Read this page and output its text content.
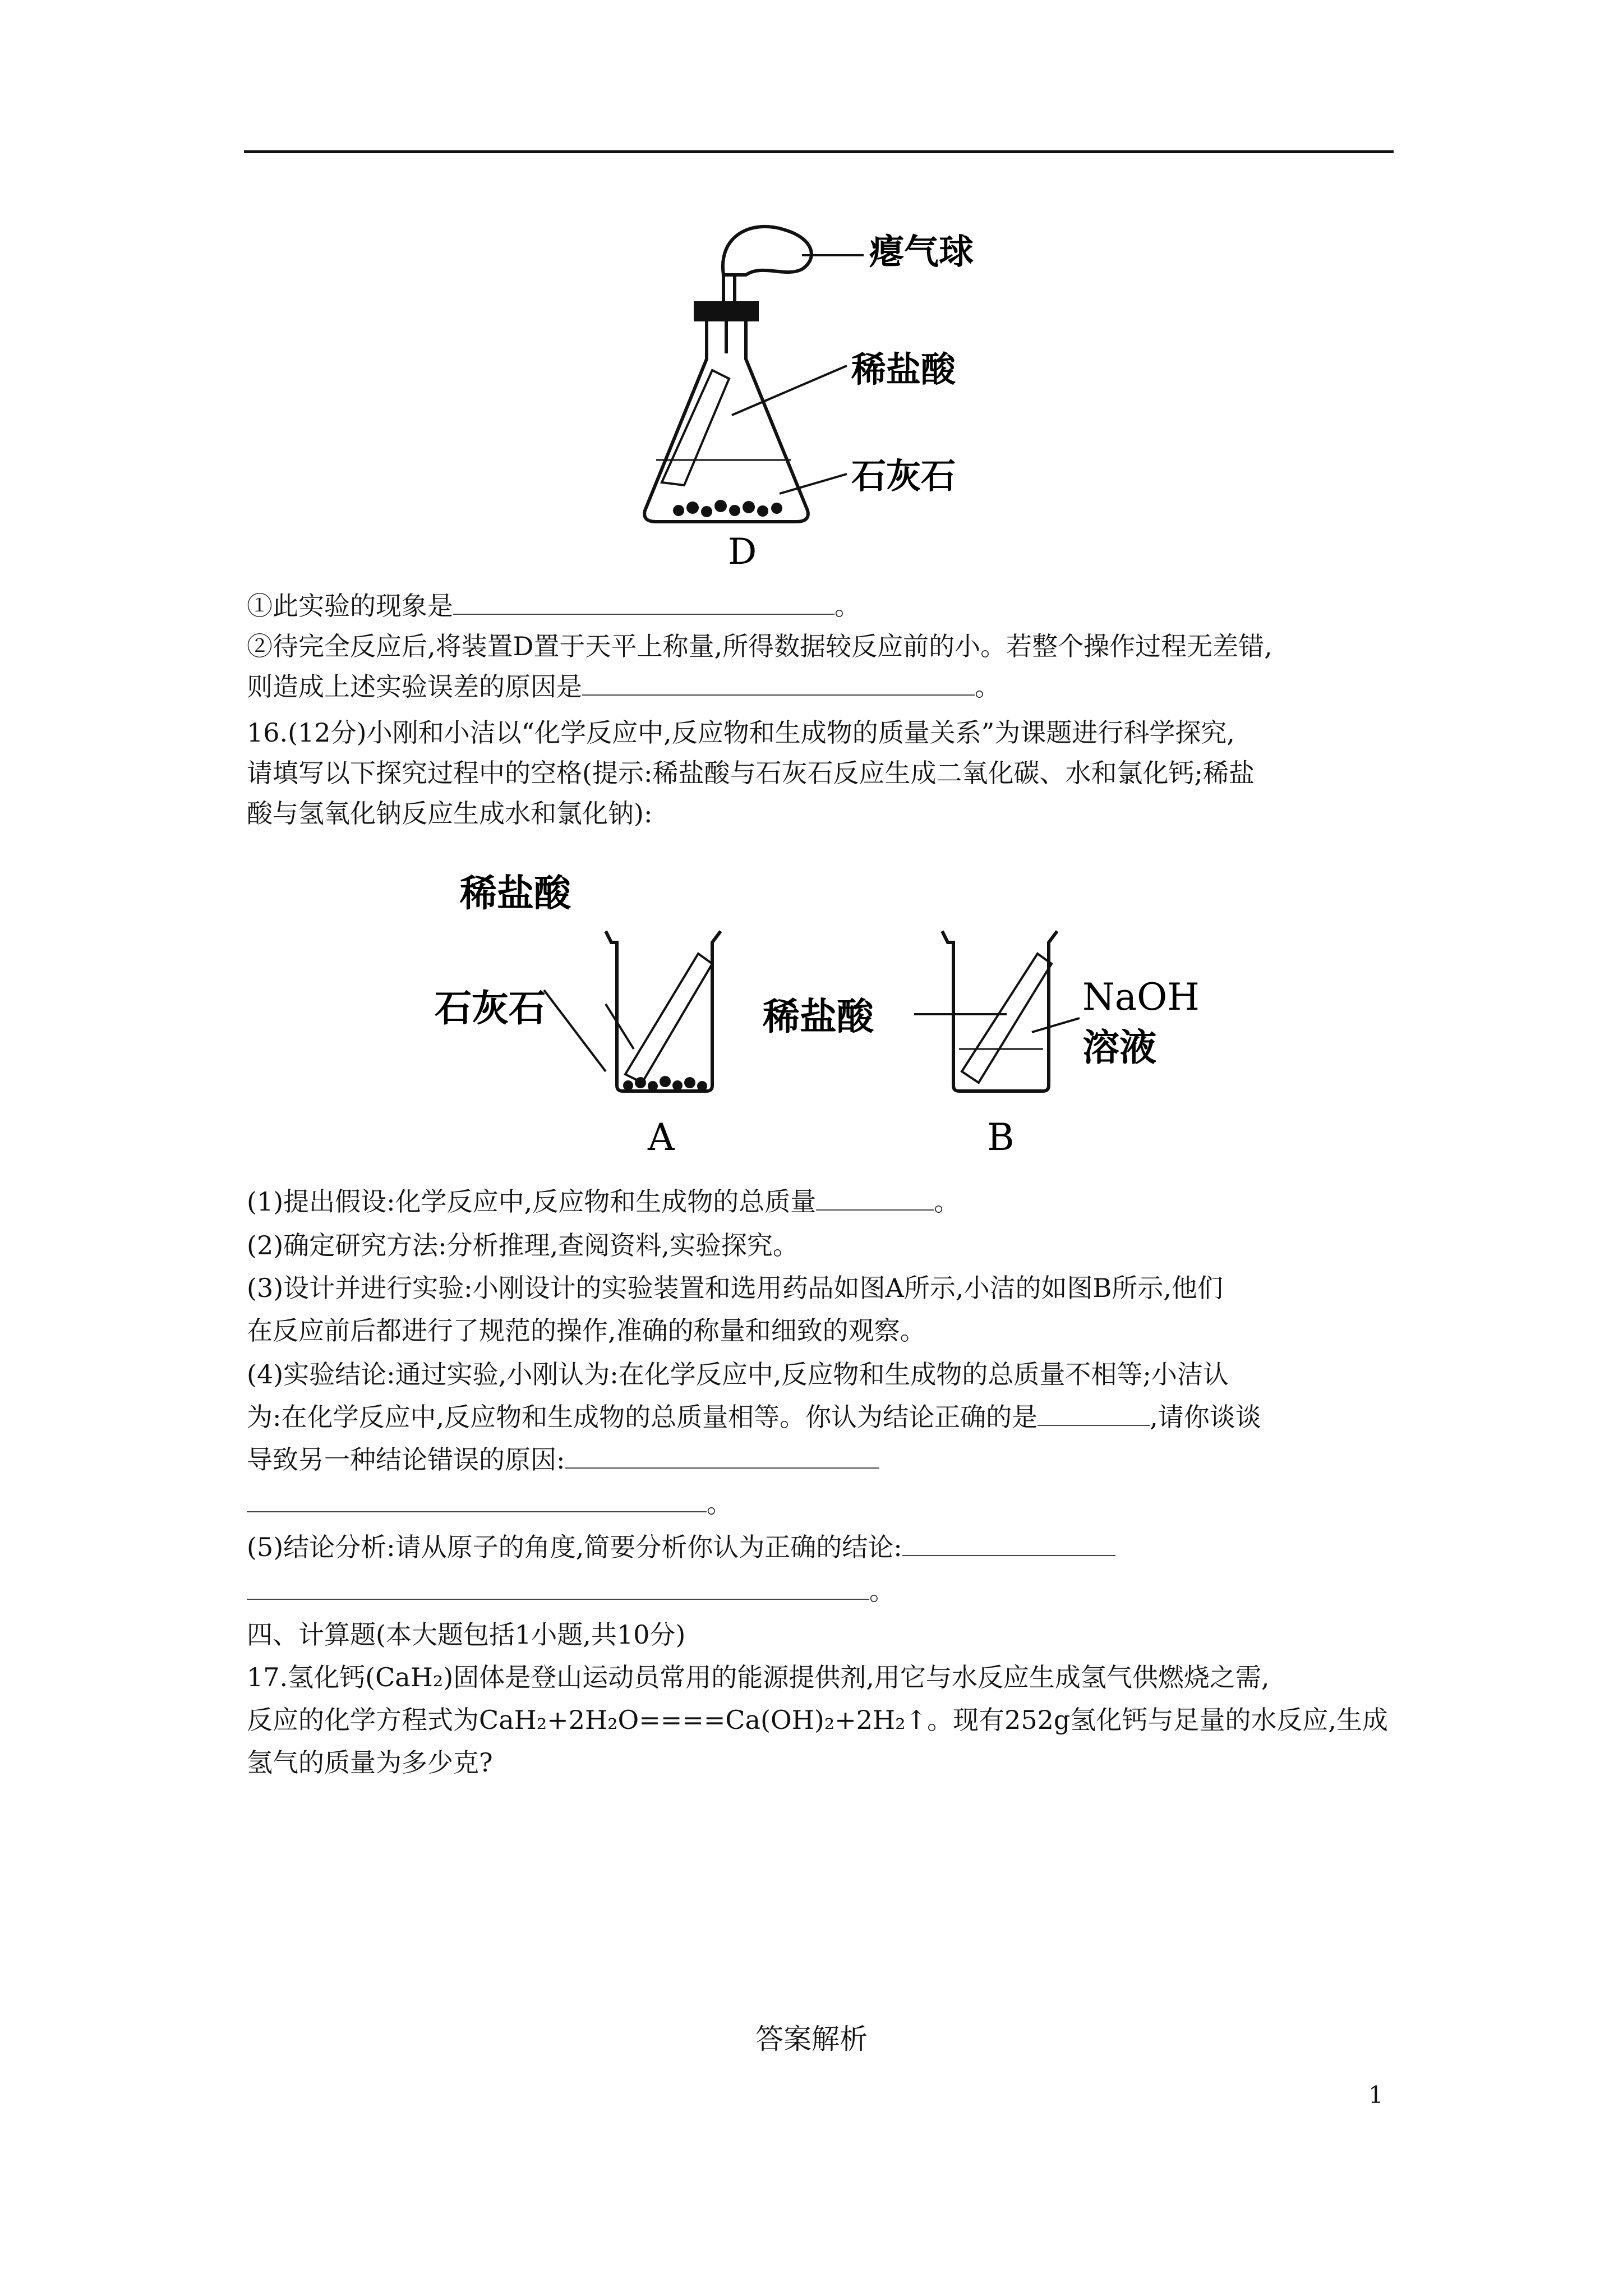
瘪气球
稀盐酸
石灰石
D
①此实验的现象是	。
②待完全反应后,将装置D置于天平上称量,所得数据较反应前的小。若整个操作过程无差错,
则造成上述实验误差的原因是	。
16.(12分)小刚和小洁以“化学反应中,反应物和生成物的质量关系”为课题进行科学探究,
请填写以下探究过程中的空格(提示:稀盐酸与石灰石反应生成二氧化碳、水和氯化钙;稀盐
酸与氢氧化钠反应生成水和氯化钠):
稀盐酸
石灰石
A
稀盐酸	NaOH
溶液
B
(1)提出假设:化学反应中,反应物和生成物的总质量	。
(2)确定研究方法:分析推理,查阅资料,实验探究。
(3)设计并进行实验:小刚设计的实验装置和选用药品如图A所示,小洁的如图B所示,他们
在反应前后都进行了规范的操作,准确的称量和细致的观察。
(4)实验结论:通过实验,小刚认为:在化学反应中,反应物和生成物的总质量不相等;小洁认
为:在化学反应中,反应物和生成物的总质量相等。你认为结论正确的是	,请你谈谈
导致另一种结论错误的原因:
。
(5)结论分析:请从原子的角度,简要分析你认为正确的结论:
。
四、计算题(本大题包括1小题,共10分)
17.氢化钙(CaH₂)固体是登山运动员常用的能源提供剂,用它与水反应生成氢气供燃烧之需,
反应的化学方程式为CaH₂+2H₂O====Ca(OH)₂+2H₂↑。现有252g氢化钙与足量的水反应,生成
氢气的质量为多少克?
答案解析
1
